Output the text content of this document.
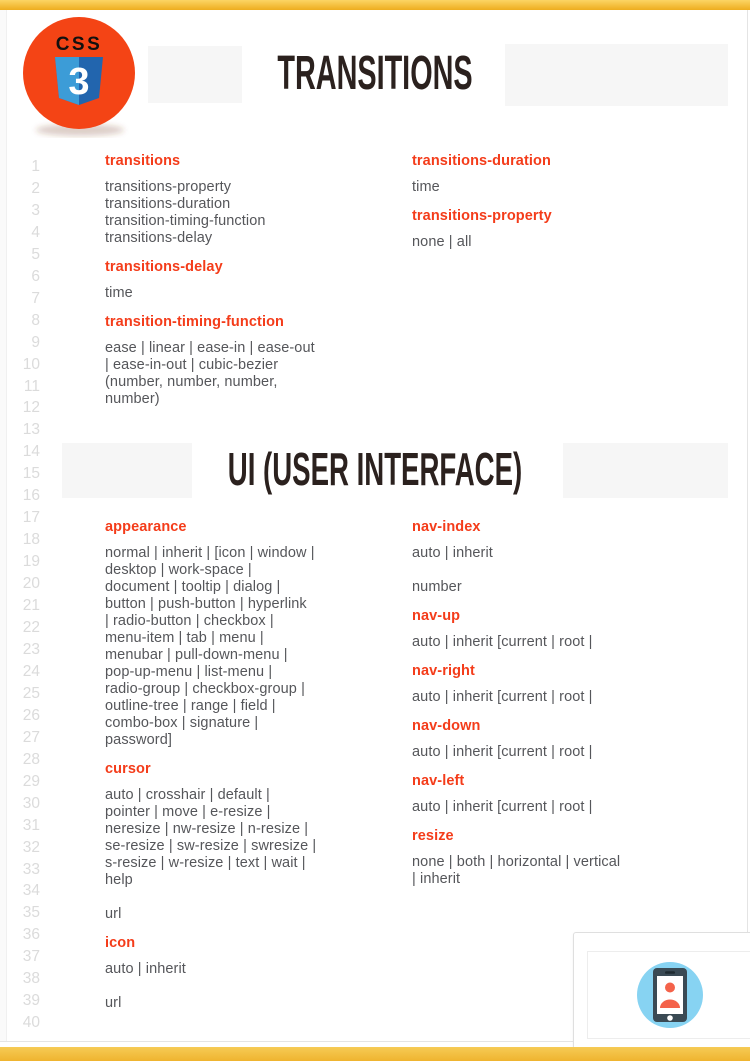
CSS
3	TRANSITIONS
UI (USER INTERFACE)
1
2
3
4
5
6
7
8
9
10
11
12
13
14
15
16
17
18
19
20
21
22
23
24
25
26
27
28
29
30
31
32
33
34
35
36
37
38
39
40
transitions
transitions-property
transitions-duration
transition-timing-function
transitions-delay
transitions-delay
time
transition-timing-function
ease | linear | ease-in | ease-out
| ease-in-out | cubic-bezier
(number, number, number,
number)
transitions-duration
time
transitions-property
none | all
appearance
normal | inherit | [icon | window |
desktop | work-space |
document | tooltip | dialog |
button | push-button | hyperlink
| radio-button | checkbox |
menu-item | tab | menu |
menubar | pull-down-menu |
pop-up-menu | list-menu |
radio-group | checkbox-group |
outline-tree | range | field |
combo-box | signature |
password]
cursor
auto | crosshair | default |
pointer | move | e-resize |
neresize | nw-resize | n-resize |
se-resize | sw-resize | swresize |
s-resize | w-resize | text | wait |
help
url
icon
auto | inherit
url
nav-index
auto | inherit
number
nav-up
auto | inherit [current | root |
nav-right
auto | inherit [current | root |
nav-down
auto | inherit [current | root |
nav-left
auto | inherit [current | root |
resize
none | both | horizontal | vertical
| inherit
